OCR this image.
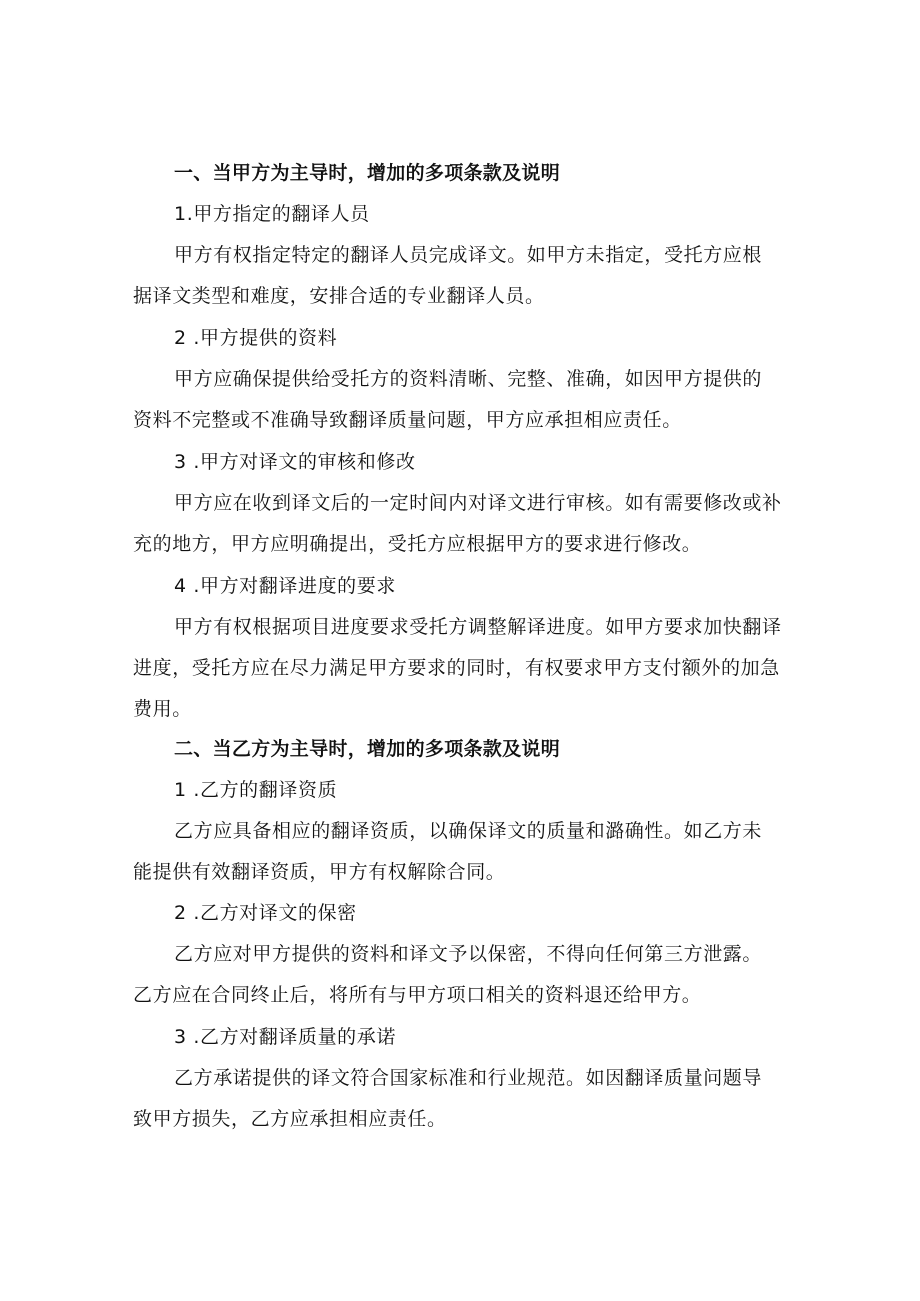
一、当甲方为主导时，增加的多项条款及说明

1.甲方指定的翻译人员

甲方有权指定特定的翻译人员完成译文。如甲方未指定，受托方应根

据译文类型和难度，安排合适的专业翻译人员。

2 .甲方提供的资料

甲方应确保提供给受托方的资料清晰、完整、准确，如因甲方提供的

资料不完整或不准确导致翻译质量问题，甲方应承担相应责任。

3 .甲方对译文的审核和修改

甲方应在收到译文后的一定时间内对译文进行审核。如有需要修改或补

充的地方，甲方应明确提出，受托方应根据甲方的要求进行修改。

4 .甲方对翻译进度的要求

甲方有权根据项目进度要求受托方调整解译进度。如甲方要求加快翻译

进度，受托方应在尽力满足甲方要求的同时，有权要求甲方支付额外的加急

费用。

二、当乙方为主导时，增加的多项条款及说明

1 .乙方的翻译资质

乙方应具备相应的翻译资质，以确保译文的质量和潞确性。如乙方未

能提供有效翻译资质，甲方有权解除合同。

2 .乙方对译文的保密

乙方应对甲方提供的资料和译文予以保密，不得向任何第三方泄露。

乙方应在合同终止后，将所有与甲方项口相关的资料退还给甲方。

3 .乙方对翻译质量的承诺

乙方承诺提供的译文符合国家标准和行业规范。如因翻译质量问题导

致甲方损失，乙方应承担相应责任。
